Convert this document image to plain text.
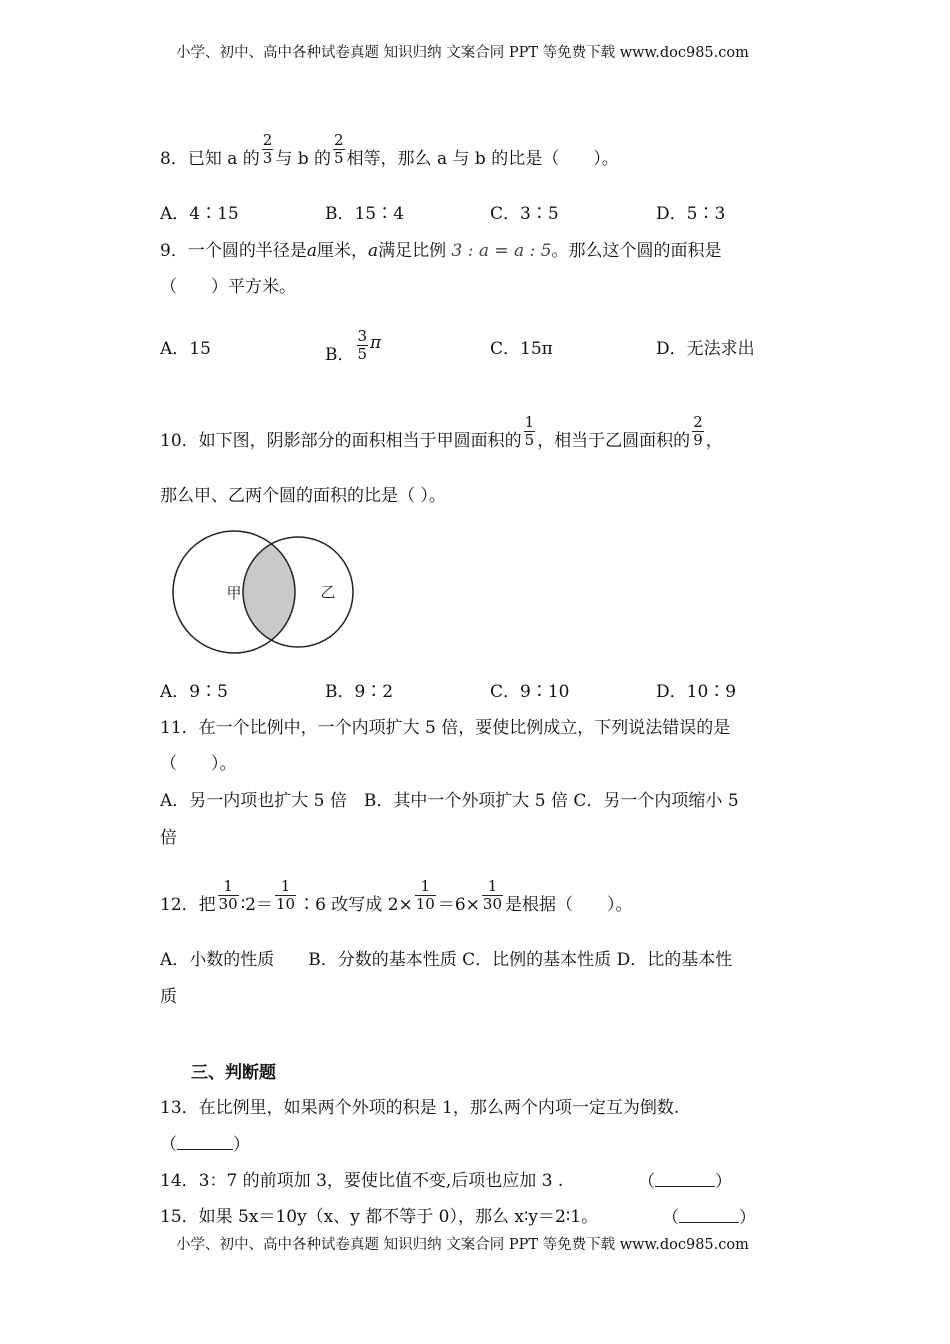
小学、初中、高中各种试卷真题 知识归纳 文案合同 PPT 等免费下载 www.doc985.com
8．已知 a 的 $\frac{2}{3}$ 与 b 的 $\frac{2}{5}$ 相等，那么 a 与 b 的比是（　　）。
A．4∶15	B．15∶4	C．3∶5	D．5∶3
9．一个圆的半径是a厘米，a满足比例 3 : a = a : 5。那么这个圆的面积是
（　　）平方米。
A．15	B． $\frac{3}{5}$ π	C．15π	D．无法求出
10．如下图，阴影部分的面积相当于甲圆面积的 $\frac{1}{5}$ ，相当于乙圆面积的 $\frac{2}{9}$ ，
那么甲、乙两个圆的面积的比是（ ）。
甲	乙
A．9∶5	B．9∶2	C．9∶10	D．10∶9
11．在一个比例中，一个内项扩大 5 倍，要使比例成立，下列说法错误的是
（　　）。
A．另一内项也扩大 5 倍　B．其中一个外项扩大 5 倍 C．另一个内项缩小 5
倍
12．把 $\frac{1}{30}$ ∶2＝ $\frac{1}{10}$ ∶6 改写成 $2\times \frac{1}{10} =6\times \frac{1}{30}$ 是根据（　　）。
A．小数的性质　　B．分数的基本性质 C．比例的基本性质 D．比的基本性
质
三、判断题
13．在比例里，如果两个外项的积是 1，那么两个内项一定互为倒数.
（	）
14．3：7 的前项加 3，要使比值不变,后项也应加 3 .	（	）
15．如果 5x＝10y（x、y 都不等于 0），那么 x∶y＝2∶1。	（	）
小学、初中、高中各种试卷真题 知识归纳 文案合同 PPT 等免费下载 www.doc985.com
